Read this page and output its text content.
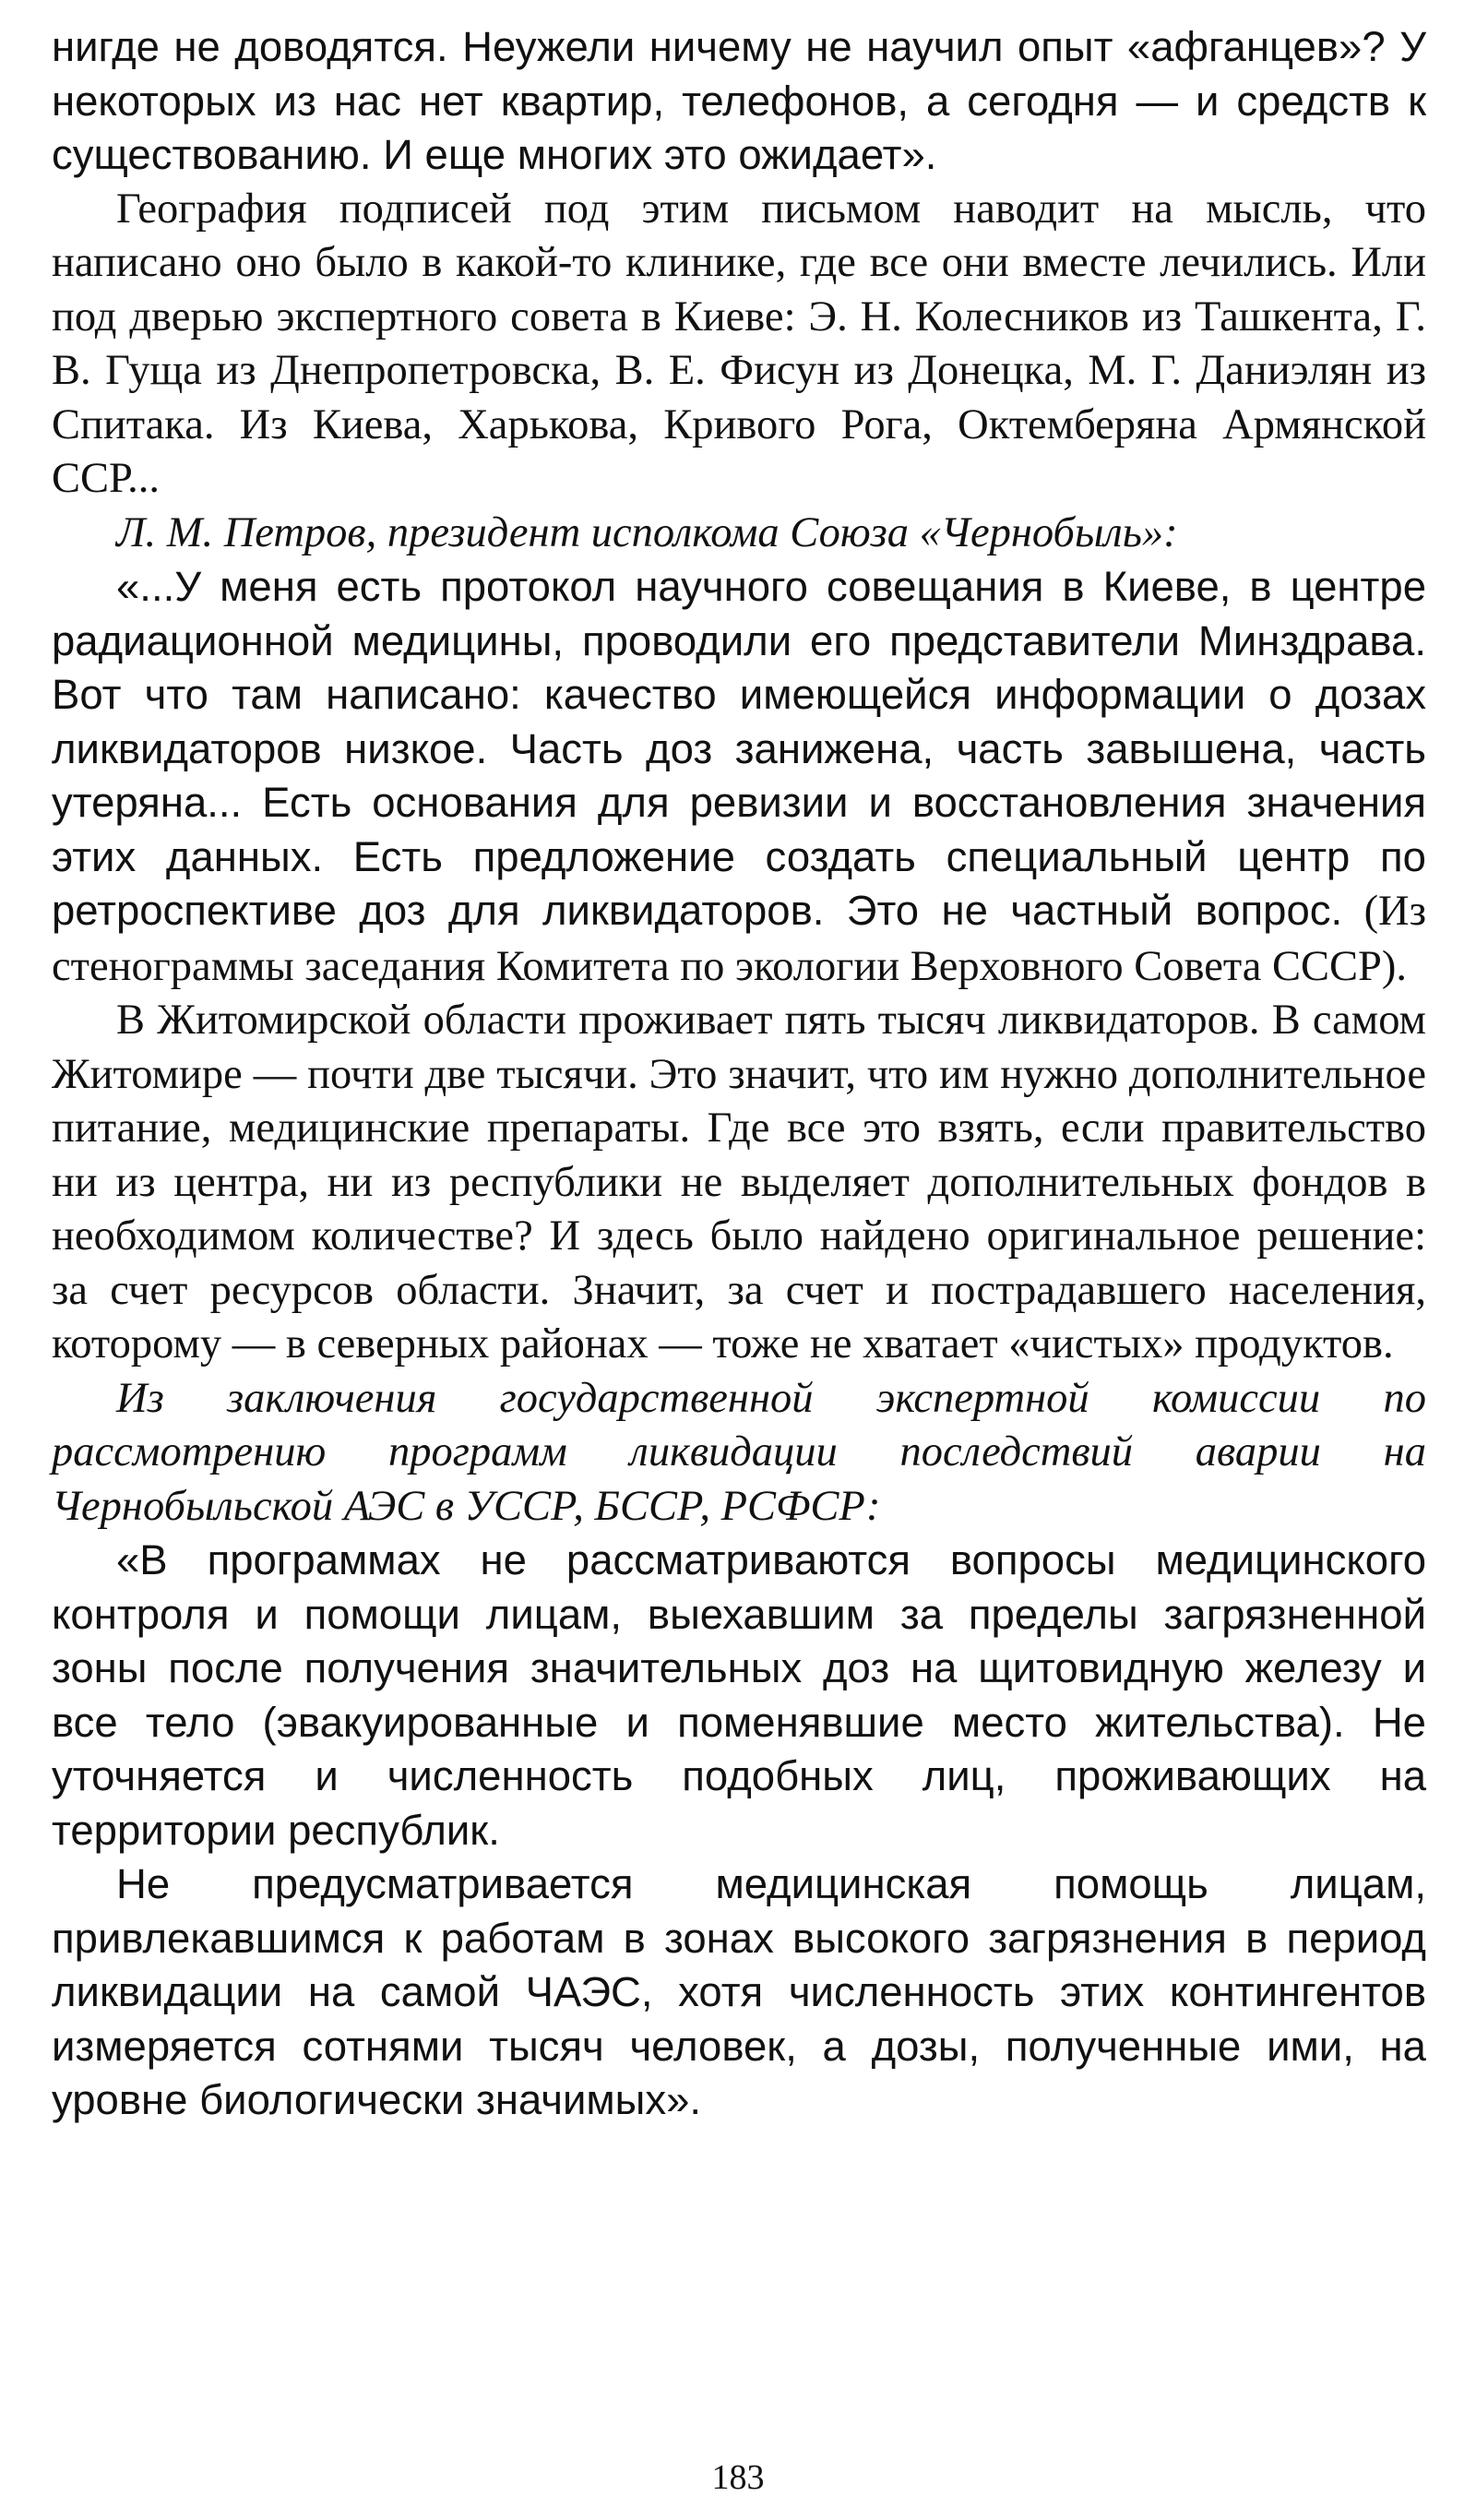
нигде не доводятся. Неужели ничему не научил опыт «афганцев»? У некоторых из нас нет квартир, телефонов, а сегодня — и средств к существованию. И еще многих это ожидает».

География подписей под этим письмом наводит на мысль, что написано оно было в какой-то клинике, где все они вместе лечились. Или под дверью экспертного совета в Киеве: Э. Н. Колесников из Ташкента, Г. В. Гуща из Днепропетровска, В. Е. Фисун из Донецка, М. Г. Даниэлян из Спитака. Из Киева, Харькова, Кривого Рога, Октемберяна Армянской ССР...

Л. М. Петров, президент исполкома Союза «Чернобыль»:

«...У меня есть протокол научного совещания в Киеве, в центре радиационной медицины, проводили его представители Минздрава. Вот что там написано: качество имеющейся информации о дозах ликвидаторов низкое. Часть доз занижена, часть завышена, часть утеряна... Есть основания для ревизии и восстановления значения этих данных. Есть предложение создать специальный центр по ретроспективе доз для ликвидаторов. Это не частный вопрос. (Из стенограммы заседания Комитета по экологии Верховного Совета СССР).

В Житомирской области проживает пять тысяч ликвидаторов. В самом Житомире — почти две тысячи. Это значит, что им нужно дополнительное питание, медицинские препараты. Где все это взять, если правительство ни из центра, ни из республики не выделяет дополнительных фондов в необходимом количестве? И здесь было найдено оригинальное решение: за счет ресурсов области. Значит, за счет и пострадавшего населения, которому — в северных районах — тоже не хватает «чистых» продуктов.

Из заключения государственной экспертной комиссии по рассмотрению программ ликвидации последствий аварии на Чернобыльской АЭС в УССР, БССР, РСФСР:

«В программах не рассматриваются вопросы медицинского контроля и помощи лицам, выехавшим за пределы загрязненной зоны после получения значительных доз на щитовидную железу и все тело (эвакуированные и поменявшие место жительства). Не уточняется и численность подобных лиц, проживающих на территории республик.

Не предусматривается медицинская помощь лицам, привлекавшимся к работам в зонах высокого загрязнения в период ликвидации на самой ЧАЭС, хотя численность этих контингентов измеряется сотнями тысяч человек, а дозы, полученные ими, на уровне биологически значимых».

183
